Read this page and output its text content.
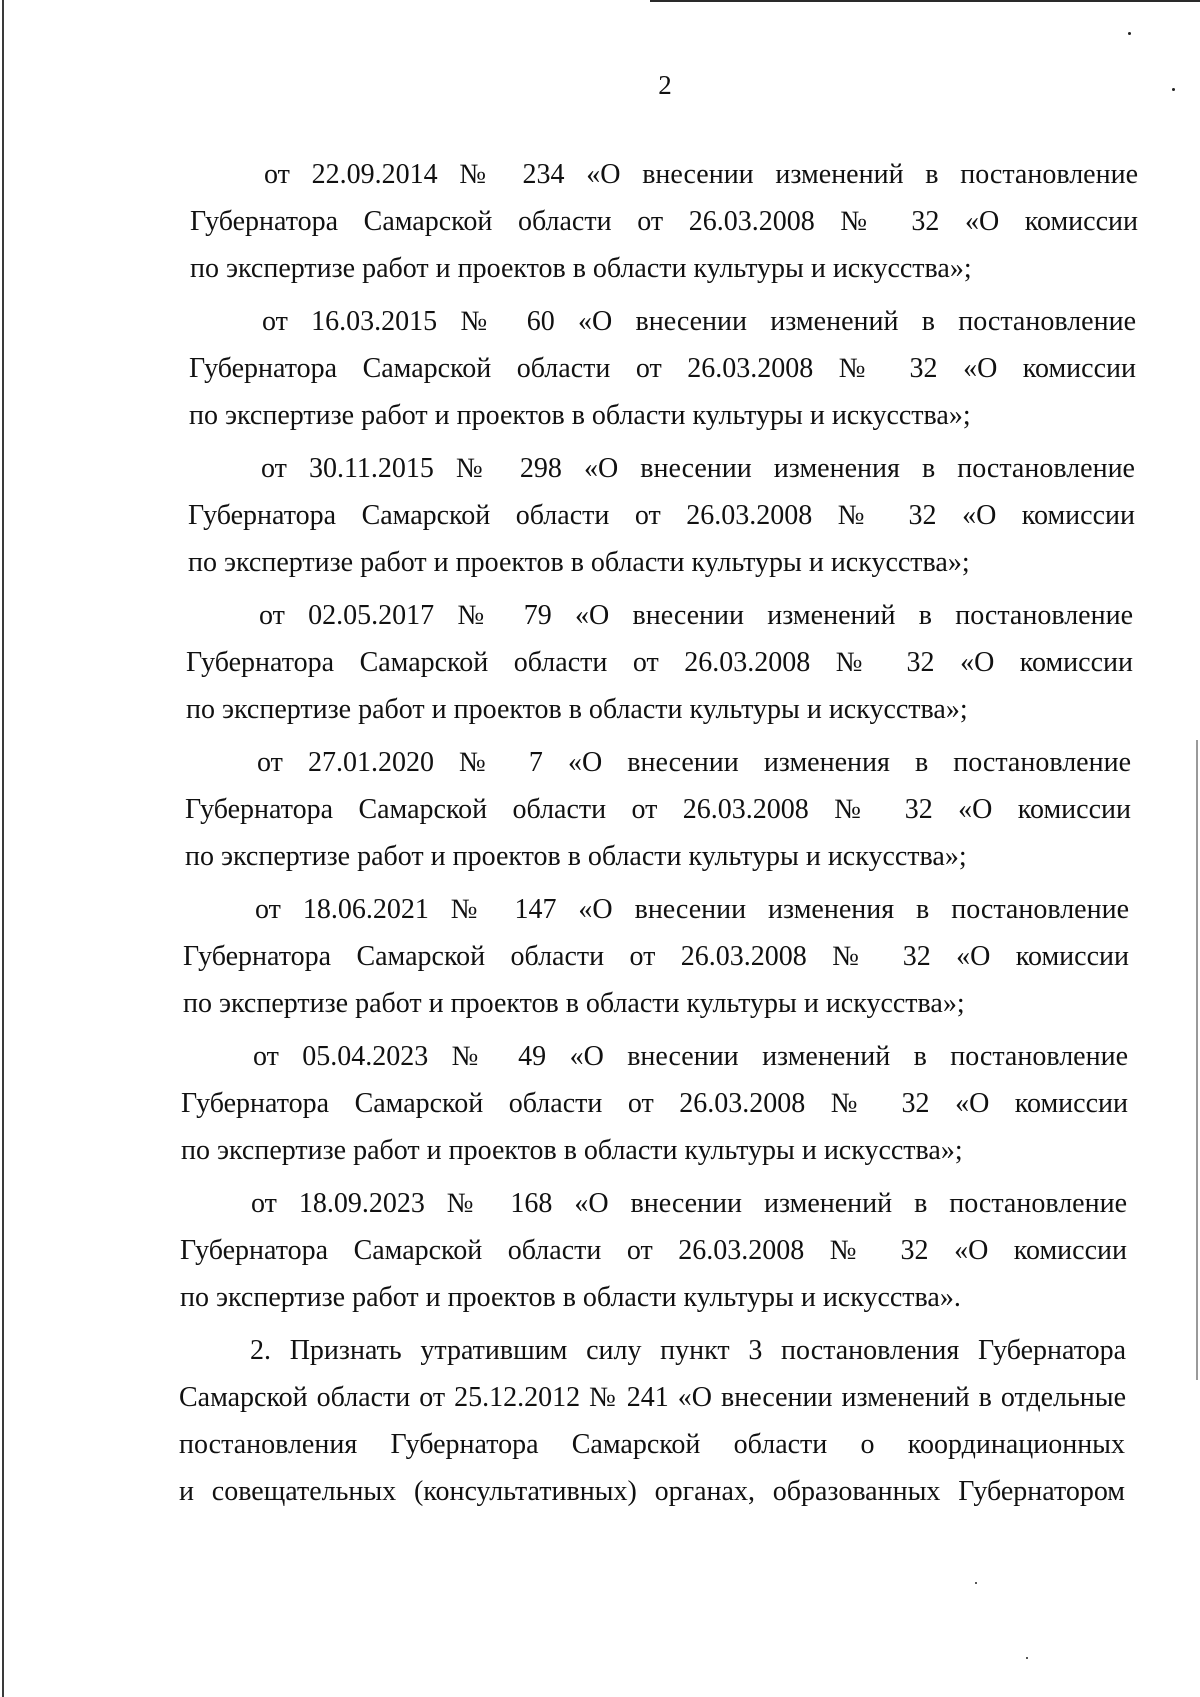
2
от 22.09.2014 № 234 «О внесении изменений в постановление
Губернатора Самарской области от 26.03.2008 № 32 «О комиссии
по экспертизе работ и проектов в области культуры и искусства»;
от 16.03.2015 № 60 «О внесении изменений в постановление
Губернатора Самарской области от 26.03.2008 № 32 «О комиссии
по экспертизе работ и проектов в области культуры и искусства»;
от 30.11.2015 № 298 «О внесении изменения в постановление
Губернатора Самарской области от 26.03.2008 № 32 «О комиссии
по экспертизе работ и проектов в области культуры и искусства»;
от 02.05.2017 № 79 «О внесении изменений в постановление
Губернатора Самарской области от 26.03.2008 № 32 «О комиссии
по экспертизе работ и проектов в области культуры и искусства»;
от 27.01.2020 № 7 «О внесении изменения в постановление
Губернатора Самарской области от 26.03.2008 № 32 «О комиссии
по экспертизе работ и проектов в области культуры и искусства»;
от 18.06.2021 № 147 «О внесении изменения в постановление
Губернатора Самарской области от 26.03.2008 № 32 «О комиссии
по экспертизе работ и проектов в области культуры и искусства»;
от 05.04.2023 № 49 «О внесении изменений в постановление
Губернатора Самарской области от 26.03.2008 № 32 «О комиссии
по экспертизе работ и проектов в области культуры и искусства»;
от 18.09.2023 № 168 «О внесении изменений в постановление
Губернатора Самарской области от 26.03.2008 № 32 «О комиссии
по экспертизе работ и проектов в области культуры и искусства».
2. Признать утратившим силу пункт 3 постановления Губернатора
Самарской области от 25.12.2012 № 241 «О внесении изменений в отдельные
постановления Губернатора Самарской области о координационных
и совещательных (консультативных) органах, образованных Губернатором
